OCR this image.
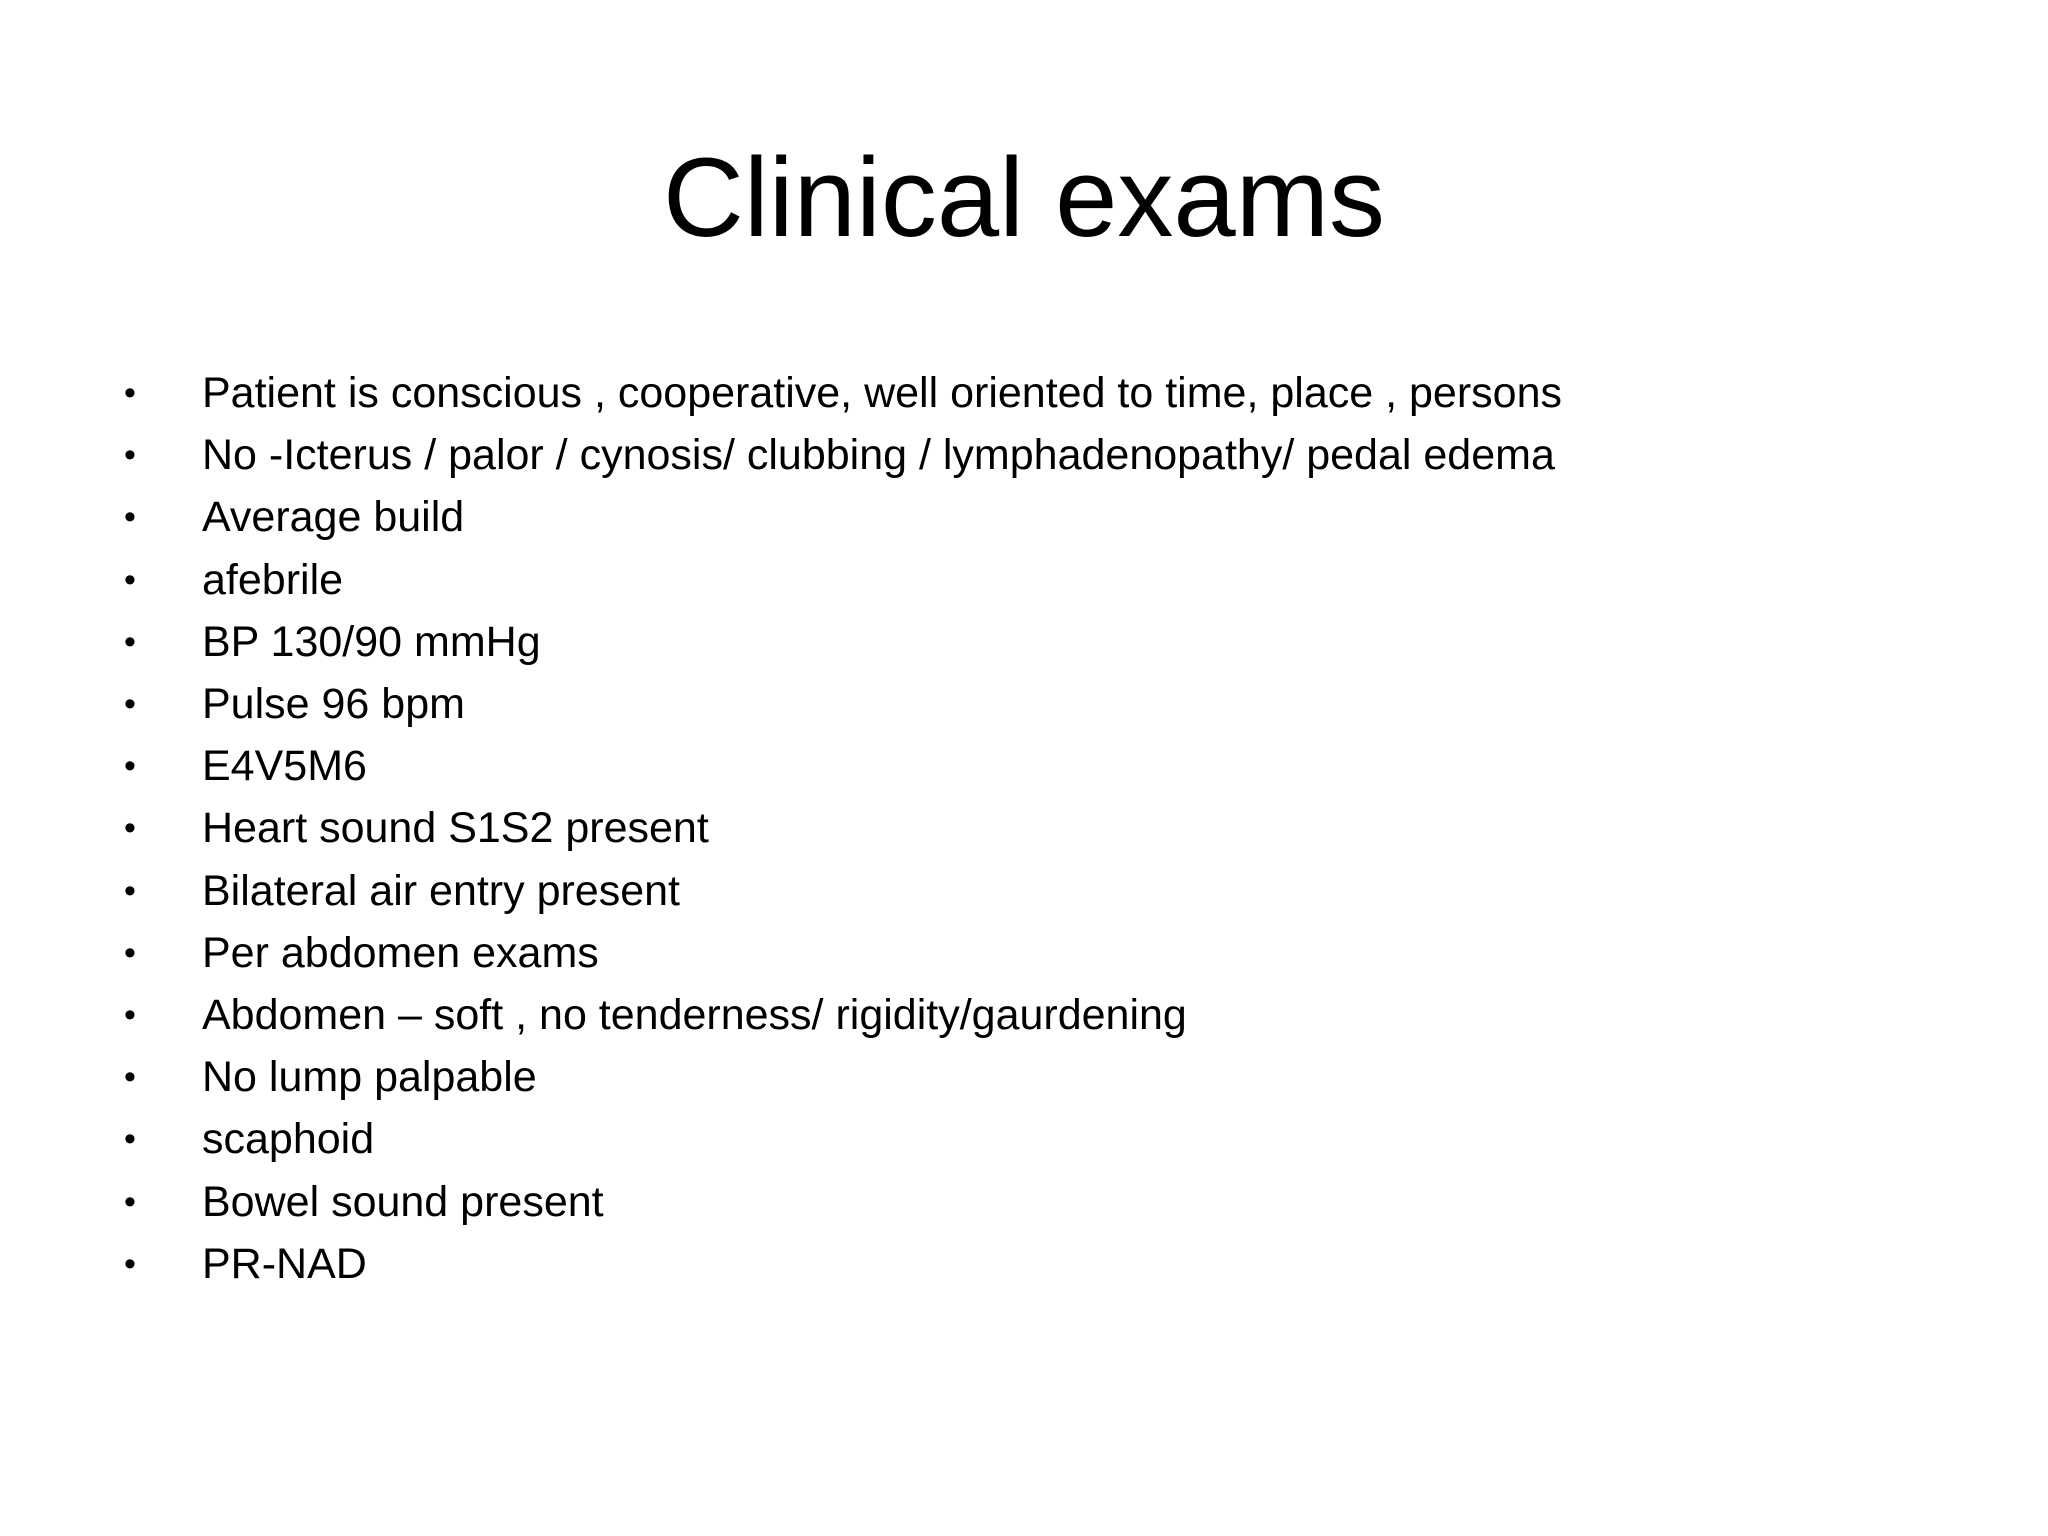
Clinical exams
•	Patient is conscious , cooperative, well oriented to time, place , persons
•	No -Icterus / palor / cynosis/ clubbing / lymphadenopathy/ pedal edema
•	Average build
•	afebrile
•	BP 130/90 mmHg
•	Pulse 96 bpm
•	E4V5M6
•	Heart sound S1S2 present
•	Bilateral air entry present
•	Per abdomen exams
•	Abdomen – soft , no tenderness/ rigidity/gaurdening
•	No lump palpable
•	scaphoid
•	Bowel sound present
•	PR-NAD
